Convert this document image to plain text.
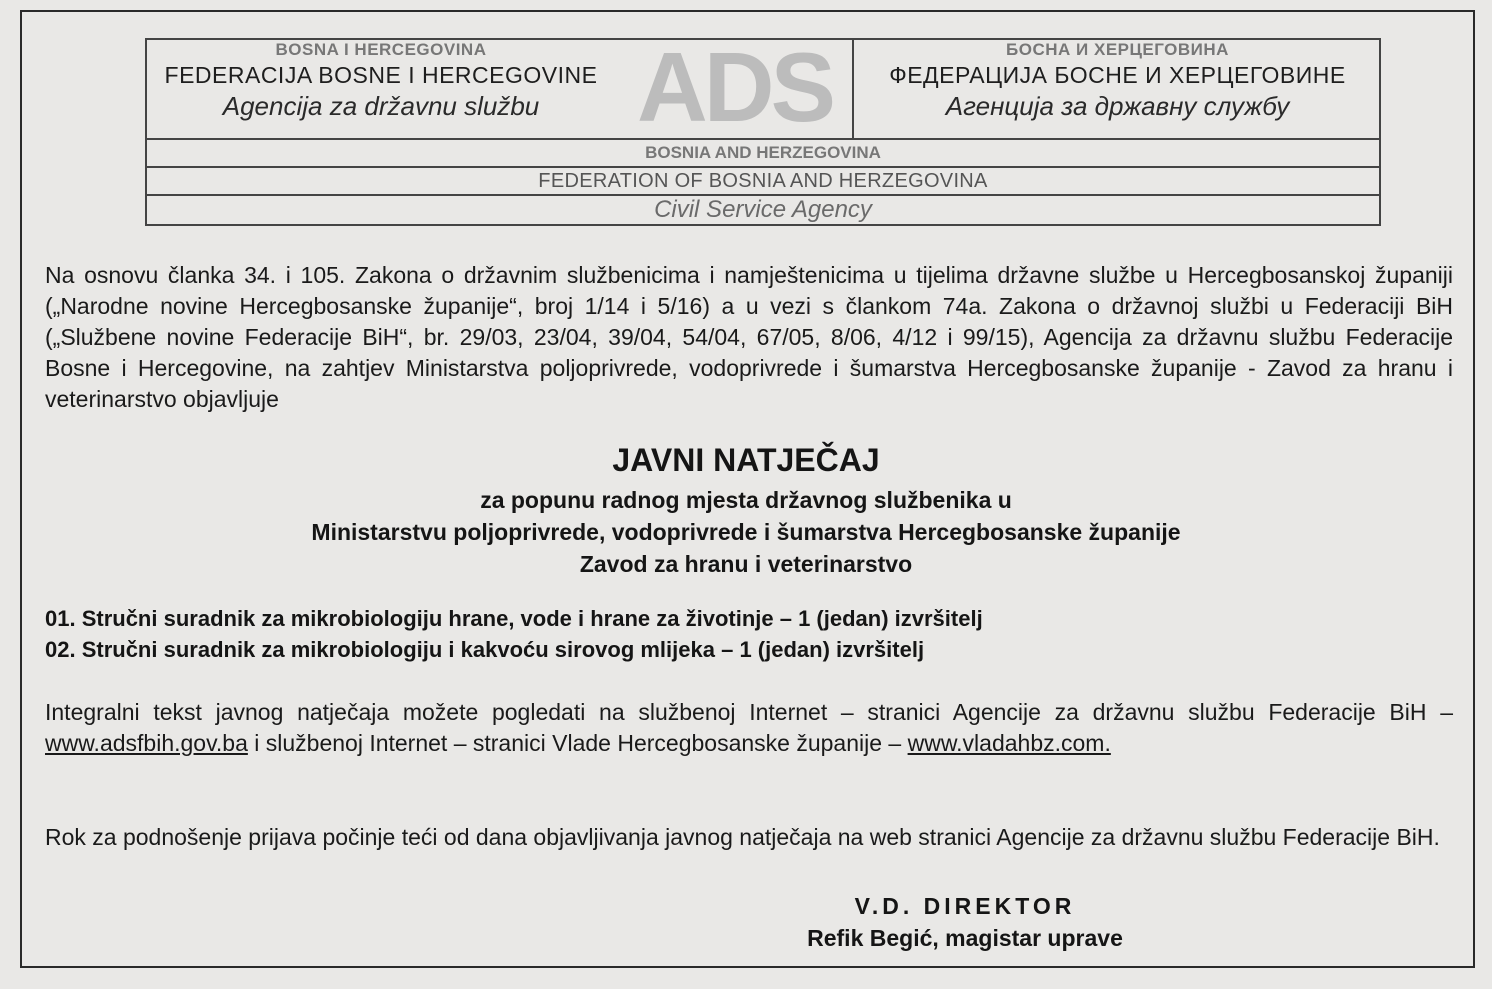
BOSNA I HERCEGOVINA
FEDERACIJA BOSNE I HERCEGOVINE
Agencija za državnu službu ADS	БОСНА И ХЕРЦЕГОВИНА
ФЕДЕРАЦИЈА БОСНЕ И ХЕРЦЕГОВИНЕ
Агенција за државну службу
BOSNIA AND HERZEGOVINA
FEDERATION OF BOSNIA AND HERZEGOVINA
Civil Service Agency
Na osnovu članka 34. i 105. Zakona o državnim službenicima i namještenicima u tijelima državne službe u Hercegbosanskoj županiji („Narodne novine Hercegbosanske županije“, broj 1/14 i 5/16) a u vezi s člankom 74a. Zakona o državnoj službi u Federaciji BiH („Službene novine Federacije BiH“, br. 29/03, 23/04, 39/04, 54/04, 67/05, 8/06, 4/12 i 99/15), Agencija za državnu službu Federacije Bosne i Hercegovine, na zahtjev Ministarstva poljoprivrede, vodoprivrede i šumarstva Hercegbosanske županije - Zavod za hranu i veterinarstvo objavljuje
JAVNI NATJEČAJ
za popunu radnog mjesta državnog službenika u
Ministarstvu poljoprivrede, vodoprivrede i šumarstva Hercegbosanske županije
Zavod za hranu i veterinarstvo
01. Stručni suradnik za mikrobiologiju hrane, vode i hrane za životinje – 1 (jedan) izvršitelj
02. Stručni suradnik za mikrobiologiju i kakvoću sirovog mlijeka – 1 (jedan) izvršitelj
Integralni tekst javnog natječaja možete pogledati na službenoj Internet – stranici Agencije za državnu službu Federacije BiH – www.adsfbih.gov.ba i službenoj Internet – stranici Vlade Hercegbosanske županije – www.vladahbz.com.
Rok za podnošenje prijava počinje teći od dana objavljivanja javnog natječaja na web stranici Agencije za državnu službu Federacije BiH.
V.D. DIREKTOR
Refik Begić, magistar uprave
